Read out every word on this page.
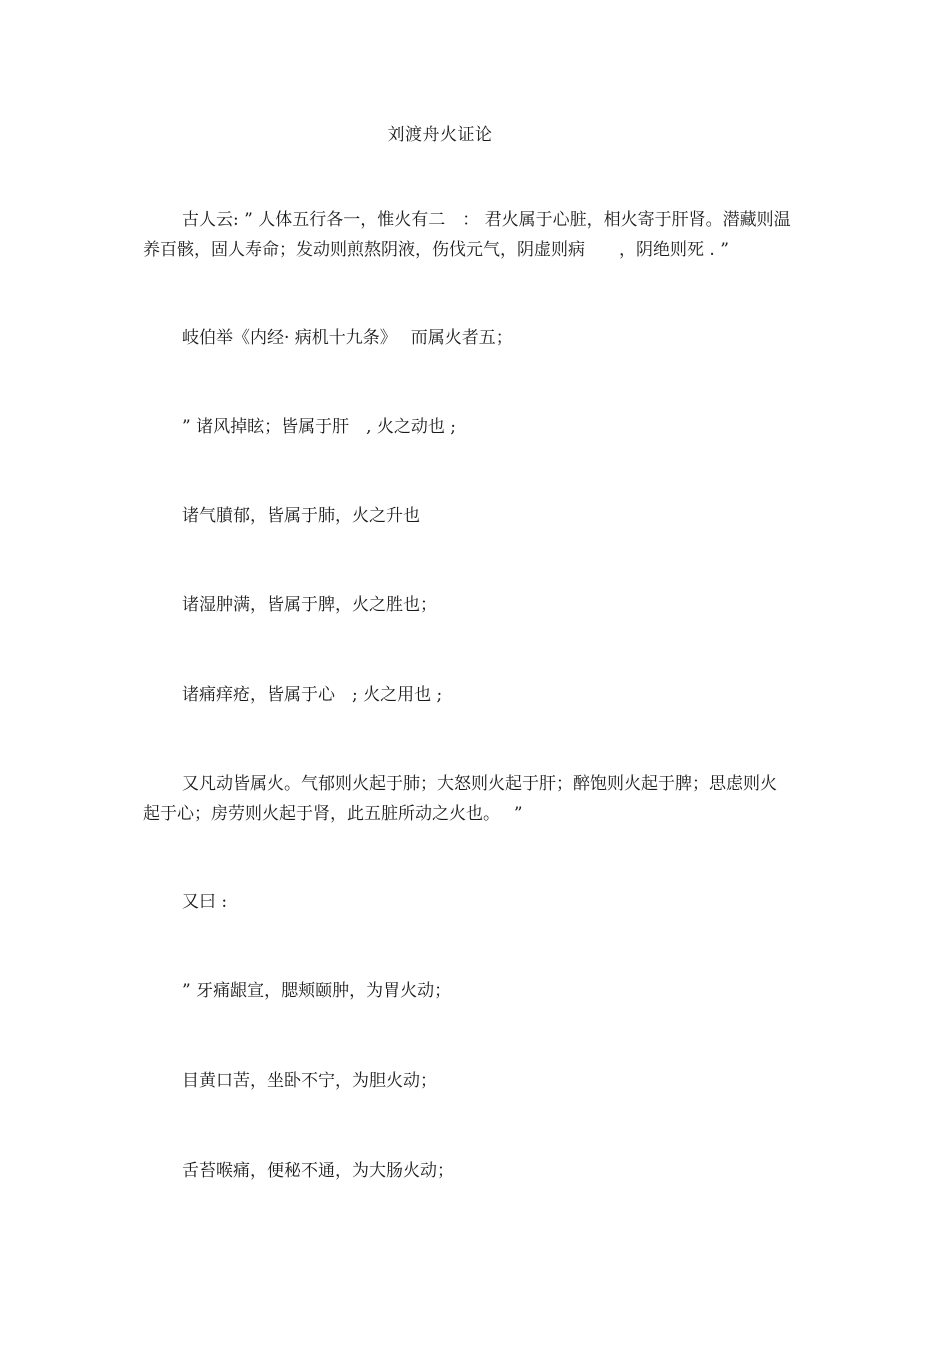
刘渡舟火证论

古人云: ” 人体五行各一，惟火有二　： 君火属于心脏，相火寄于肝肾。潜藏则温养百骸，固人寿命；发动则煎熬阴液，伤伐元气，阴虚则病　　，阴绝则死 . ”

岐伯举《内经· 病机十九条》　 而属火者五；

” 诸风掉眩；皆属于肝　, 火之动也 ;

诸气膹郁，皆属于肺，火之升也

诸湿肿满，皆属于脾，火之胜也；

诸痛痒疮，皆属于心　; 火之用也 ;

又凡动皆属火。气郁则火起于肺；大怒则火起于肝；醉饱则火起于脾；思虑则火起于心；房劳则火起于肾，此五脏所动之火也。　 ”

又曰 :

” 牙痛龈宣，腮颊颐肿，为胃火动；

目黄口苦，坐卧不宁，为胆火动；

舌苔喉痛，便秘不通，为大肠火动；
